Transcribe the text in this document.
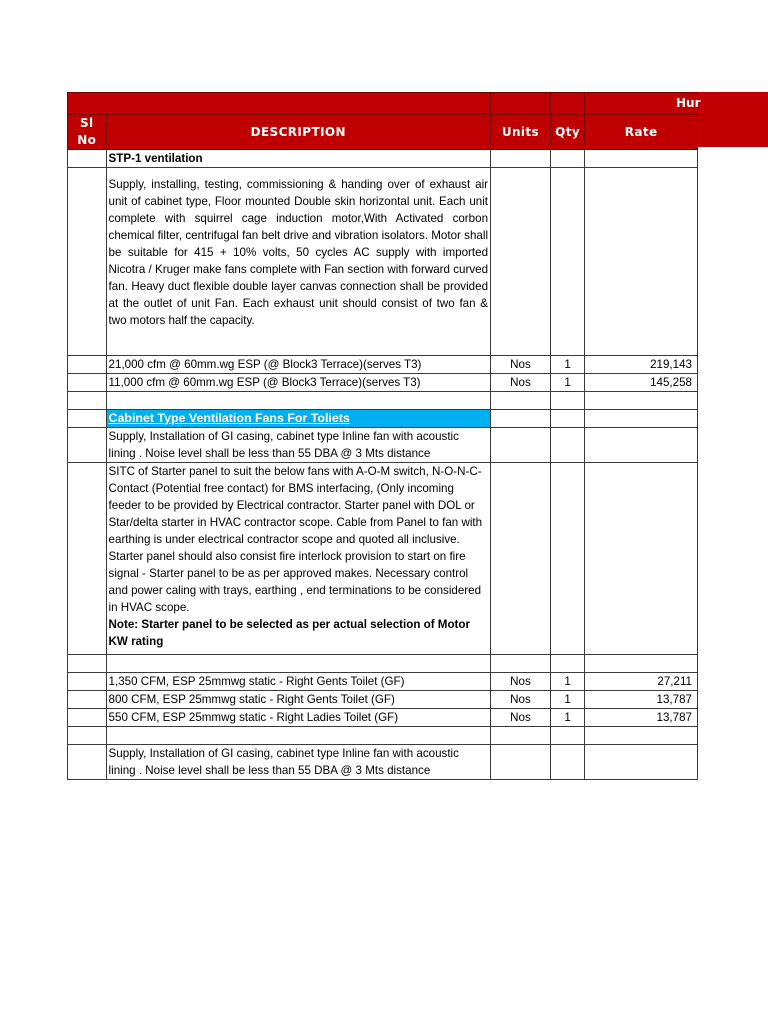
Sl No	DESCRIPTION	Units	Qty	Rate
	STP-1 ventilation			
	Supply, installing, testing, commissioning & handing over of exhaust air unit of cabinet type, Floor mounted Double skin horizontal unit. Each unit complete with squirrel cage induction motor,With Activated corbon chemical filter, centrifugal fan belt drive and vibration isolators. Motor shall be suitable for 415 + 10% volts, 50 cycles AC supply with imported Nicotra / Kruger make fans complete with Fan section with forward curved fan. Heavy duct flexible double layer canvas connection shall be provided at the outlet of unit Fan. Each exhaust unit should consist of two fan & two motors half the capacity.			
	21,000 cfm @ 60mm.wg ESP (@ Block3 Terrace)(serves T3)	Nos	1	219,143
	11,000 cfm @ 60mm.wg ESP (@ Block3 Terrace)(serves T3)	Nos	1	145,258

	Cabinet Type Ventilation Fans For Toliets			
	Supply, Installation of GI casing, cabinet type Inline fan with acoustic lining . Noise level shall be less than 55 DBA @ 3 Mts distance			

	SITC of Starter panel to suit the below fans with A-O-M switch, N-O-N-C-Contact (Potential free contact) for BMS interfacing, (Only incoming feeder to be provided by Electrical contractor. Starter panel with DOL or Star/delta starter in HVAC contractor scope. Cable from Panel to fan with earthing is under electrical contractor scope and quoted all inclusive. Starter panel should also consist fire interlock provision to start on fire signal - Starter panel to be as per approved makes. Necessary control and power caling with trays, earthing , end terminations to be considered in HVAC scope.
Note: Starter panel to be selected as per actual selection of Motor KW rating			

	1,350 CFM, ESP 25mmwg static - Right Gents Toilet (GF)	Nos	1	27,211
	800 CFM, ESP 25mmwg static - Right Gents Toilet (GF)	Nos	1	13,787
	550 CFM, ESP 25mmwg static - Right Ladies Toilet (GF)	Nos	1	13,787

	Supply, Installation of GI casing, cabinet type Inline fan with acoustic lining . Noise level shall be less than 55 DBA @ 3 Mts distance			
Hur
